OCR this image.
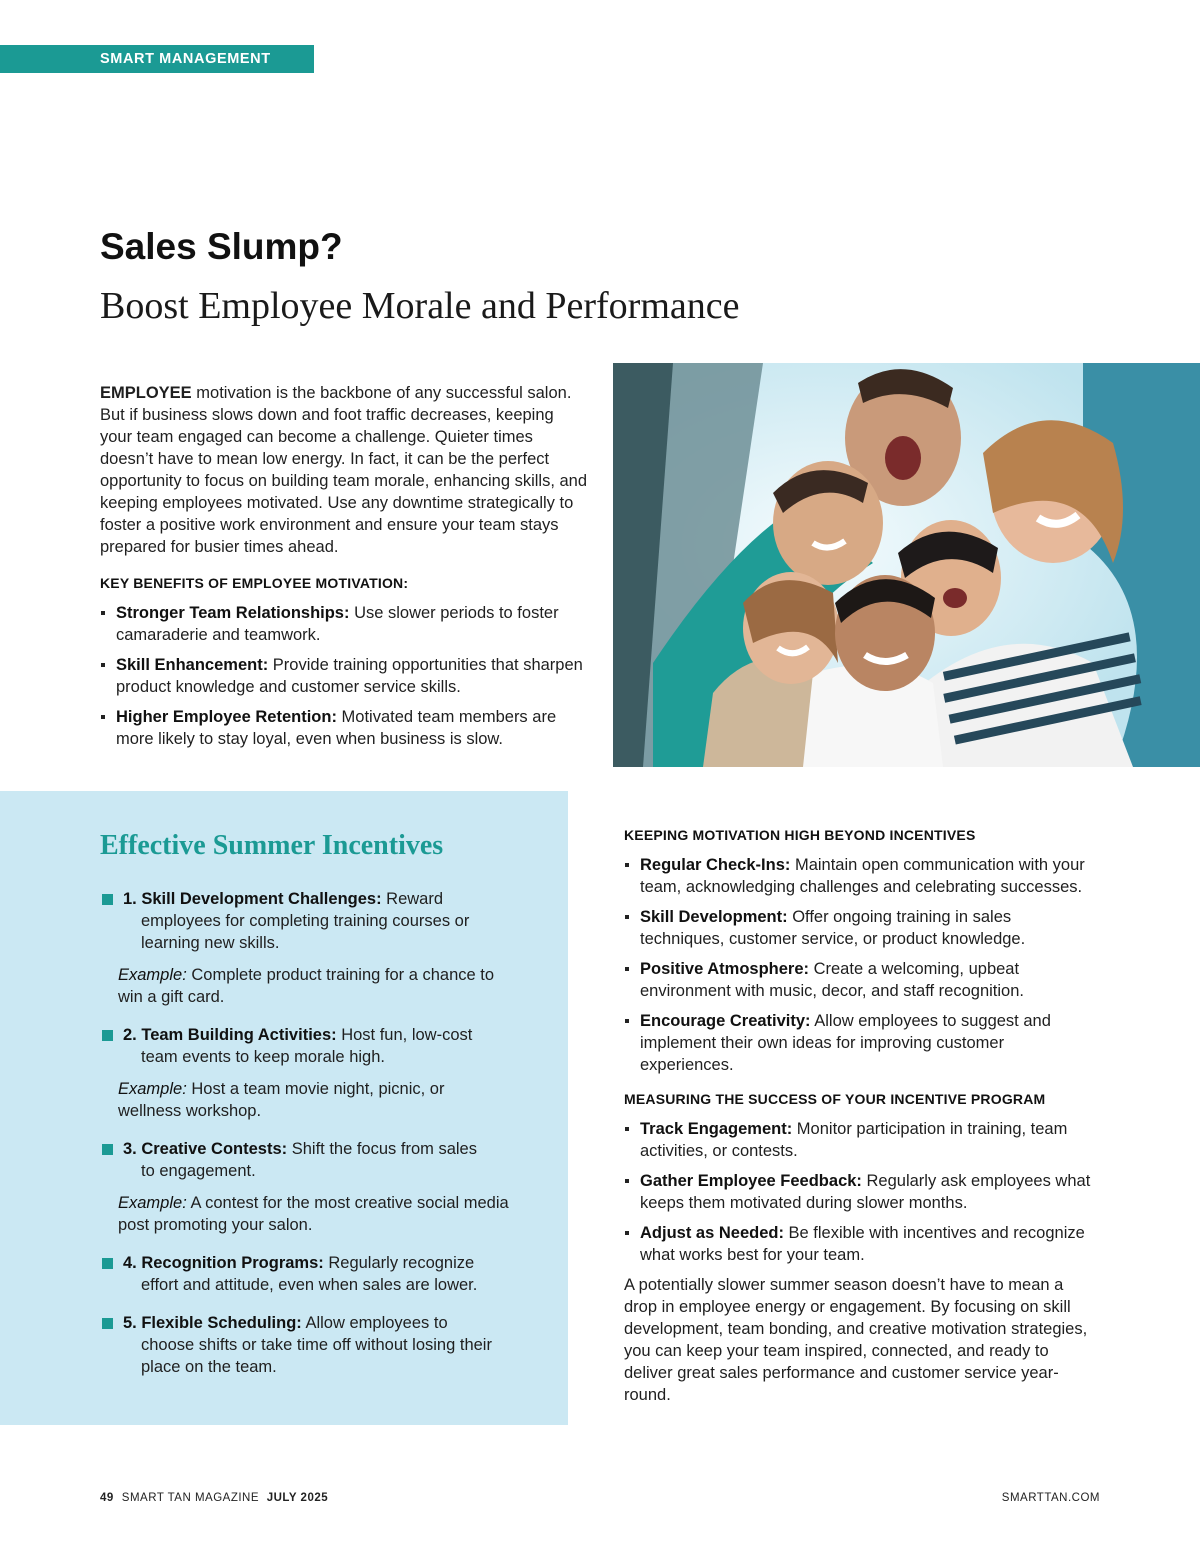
SMART MANAGEMENT
Sales Slump?
Boost Employee Morale and Performance

EMPLOYEE motivation is the backbone of any successful salon. But if business slows down and foot traffic decreases, keeping your team engaged can become a challenge. Quieter times doesn’t have to mean low energy. In fact, it can be the perfect opportunity to focus on building team morale, enhancing skills, and keeping employees motivated. Use any downtime strategically to foster a positive work environment and ensure your team stays prepared for busier times ahead.

KEY BENEFITS OF EMPLOYEE MOTIVATION:
Stronger Team Relationships: Use slower periods to foster camaraderie and teamwork.
Skill Enhancement: Provide training opportunities that sharpen product knowledge and customer service skills.
Higher Employee Retention: Motivated team members are more likely to stay loyal, even when business is slow.
Effective Summer Incentives
1. Skill Development Challenges: Reward
employees for completing training courses or learning new skills.
Example: Complete product training for a chance to win a gift card.
2. Team Building Activities: Host fun, low-cost
team events to keep morale high.
Example: Host a team movie night, picnic, or wellness workshop.
3. Creative Contests: Shift the focus from sales
to engagement.
Example: A contest for the most creative social media post promoting your salon.
4. Recognition Programs: Regularly recognize
effort and attitude, even when sales are lower.
5. Flexible Scheduling: Allow employees to
choose shifts or take time off without losing their place on the team.
KEEPING MOTIVATION HIGH BEYOND INCENTIVES
Regular Check-Ins: Maintain open communication with your team, acknowledging challenges and celebrating successes.
Skill Development: Offer ongoing training in sales techniques, customer service, or product knowledge.
Positive Atmosphere: Create a welcoming, upbeat environment with music, decor, and staff recognition.
Encourage Creativity: Allow employees to suggest and implement their own ideas for improving customer experiences.
MEASURING THE SUCCESS OF YOUR INCENTIVE PROGRAM
Track Engagement: Monitor participation in training, team activities, or contests.
Gather Employee Feedback: Regularly ask employees what keeps them motivated during slower months.
Adjust as Needed: Be flexible with incentives and recognize what works best for your team.

A potentially slower summer season doesn’t have to mean a drop in employee energy or engagement. By focusing on skill development, team bonding, and creative motivation strategies, you can keep your team inspired, connected, and ready to deliver great sales performance and customer service year-round.

49 SMART TAN MAGAZINE JULY 2025	SMARTTAN.COM
